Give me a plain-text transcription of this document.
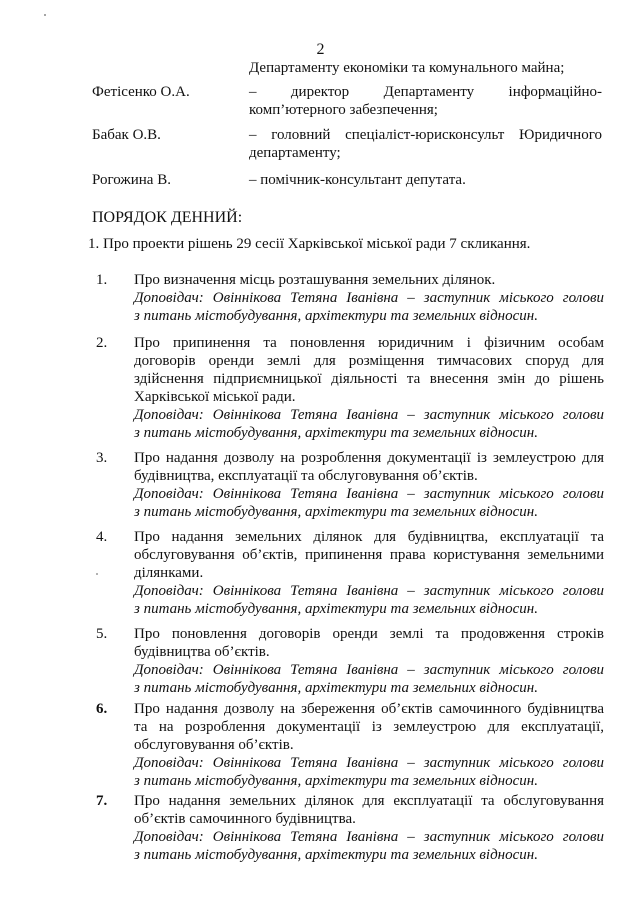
2
Департаменту економіки та комунального майна;
Фетісенко О.А.	– директор Департаменту інформаційно-
комп’ютерного забезпечення;
Бабак О.В.	– головний спеціаліст-юрисконсульт Юридичного
департаменту;
Рогожина В.	– помічник-консультант депутата.
ПОРЯДОК ДЕННИЙ:
1. Про проекти рішень 29 сесії Харківської міської ради 7 скликання.
1. Про визначення місць розташування земельних ділянок.
Доповідач: Овіннікова Тетяна Іванівна – заступник міського голови
з питань містобудування, архітектури та земельних відносин.
2. Про припинення та поновлення юридичним і фізичним особам
договорів оренди землі для розміщення тимчасових споруд для
здійснення підприємницької діяльності та внесення змін до рішень
Харківської міської ради.
Доповідач: Овіннікова Тетяна Іванівна – заступник міського голови
з питань містобудування, архітектури та земельних відносин.
3. Про надання дозволу на розроблення документації із землеустрою для
будівництва, експлуатації та обслуговування об’єктів.
Доповідач: Овіннікова Тетяна Іванівна – заступник міського голови
з питань містобудування, архітектури та земельних відносин.
4. Про надання земельних ділянок для будівництва, експлуатації та
обслуговування об’єктів, припинення права користування земельними
ділянками.
Доповідач: Овіннікова Тетяна Іванівна – заступник міського голови
з питань містобудування, архітектури та земельних відносин.
5. Про поновлення договорів оренди землі та продовження строків
будівництва об’єктів.
Доповідач: Овіннікова Тетяна Іванівна – заступник міського голови
з питань містобудування, архітектури та земельних відносин.
6. Про надання дозволу на збереження об’єктів самочинного будівництва
та на розроблення документації із землеустрою для експлуатації,
обслуговування об’єктів.
Доповідач: Овіннікова Тетяна Іванівна – заступник міського голови
з питань містобудування, архітектури та земельних відносин.
7. Про надання земельних ділянок для експлуатації та обслуговування
об’єктів самочинного будівництва.
Доповідач: Овіннікова Тетяна Іванівна – заступник міського голови
з питань містобудування, архітектури та земельних відносин.
